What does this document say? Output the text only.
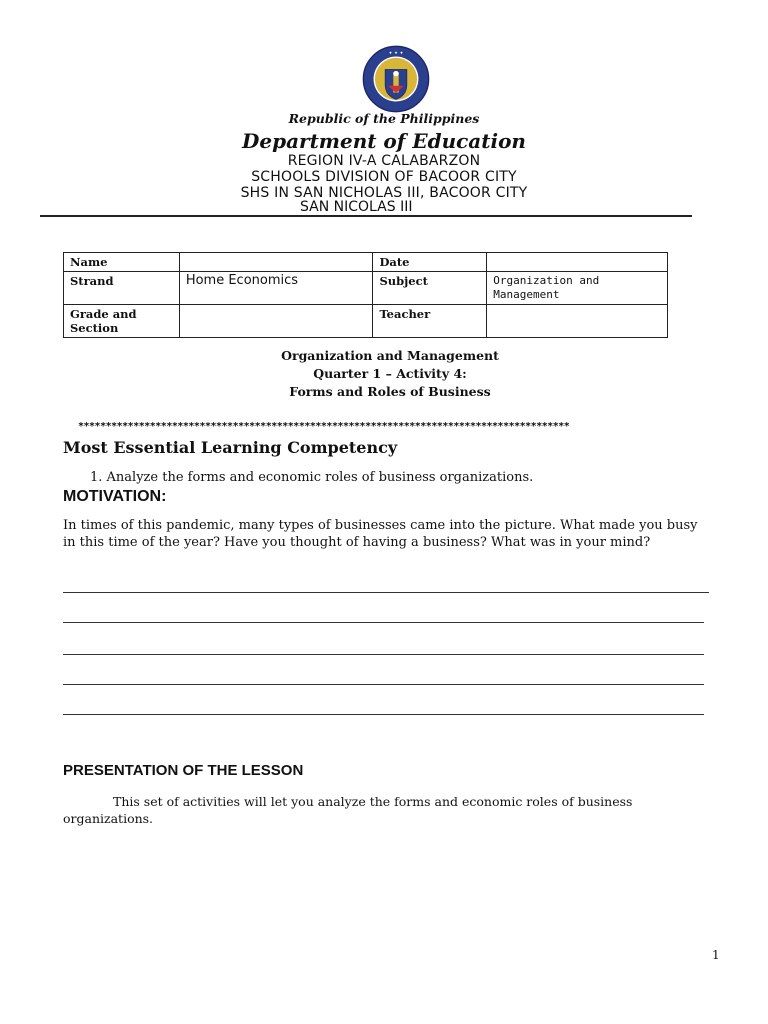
✦ ✦ ✦
Republic of the Philippines
Department of Education
REGION IV-A CALABARZON
SCHOOLS DIVISION OF BACOOR CITY
SHS IN SAN NICHOLAS III, BACOOR CITY
SAN NICOLAS III
Name		Date	
Strand	Home Economics	Subject	Organization and Management
Grade and Section		Teacher	
Organization and Management
Quarter 1 – Activity 4:
Forms and Roles of Business
*****************************************************************************************
Most Essential Learning Competency
1. Analyze the forms and economic roles of business organizations.
MOTIVATION:
In times of this pandemic, many types of businesses came into the picture. What made you busy in this time of the year? Have you thought of having a business? What was in your mind?
PRESENTATION OF THE LESSON
This set of activities will let you analyze the forms and economic roles of business organizations.
1
